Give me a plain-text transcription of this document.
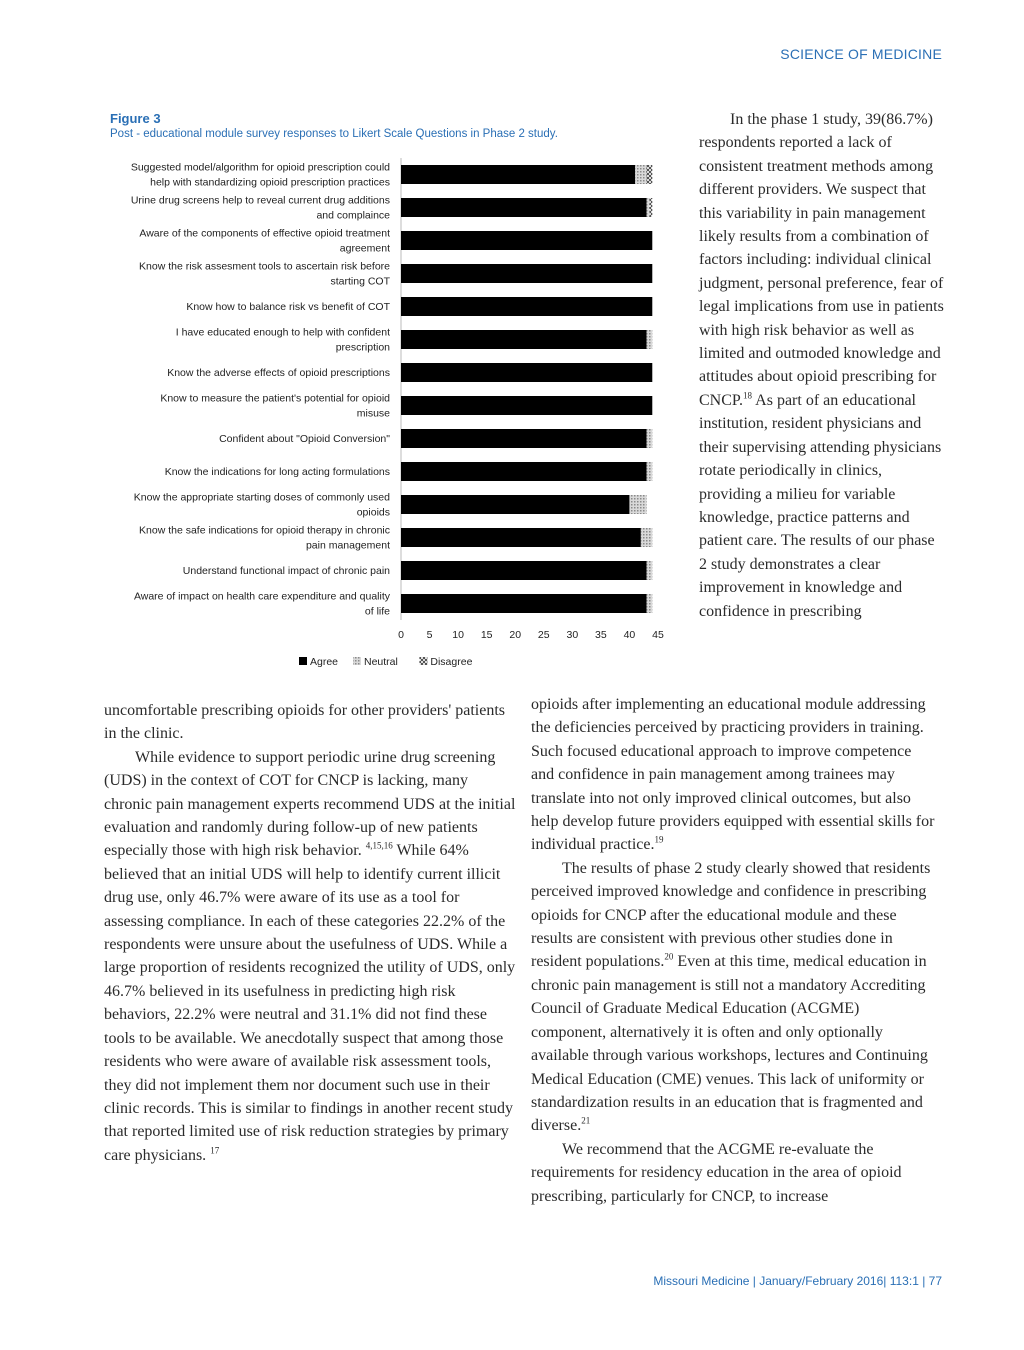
SCIENCE OF MEDICINE
Figure 3
Post - educational module survey responses to Likert Scale Questions in Phase 2 study.
Suggested model/algorithm for opioid prescription could
help with standardizing opioid prescription practices
Urine drug screens help to reveal current drug additions
and complaince
Aware of the components of effective opioid treatment
agreement
Know the risk assesment tools to ascertain risk before
starting COT
Know how to balance risk vs benefit of COT
I have educated enough to help with confident
prescription
Know the adverse effects of opioid prescriptions
Know to measure the patient's potential for opioid
misuse
Confident about "Opioid Conversion"
Know the indications for long acting formulations
Know the appropriate starting doses of commonly used
opioids
Know the safe indications for opioid therapy in chronic
pain management
Understand functional impact of chronic pain
Aware of impact on health care expenditure and quality
of life
0 5 10 15 20 25 30 35 40 45
Agree Neutral	Disagree

In the phase 1 study, 39(86.7%) respondents reported a lack of consistent treatment methods among different providers. We suspect that this variability in pain management likely results from a combination of factors including: individual clinical judgment, personal preference, fear of legal implications from use in patients with high risk behavior as well as limited and outmoded knowledge and attitudes about opioid prescribing for CNCP.$^{18}$ As part of an educational institution, resident physicians and their supervising attending physicians rotate periodically in clinics, providing a milieu for variable knowledge, practice patterns and patient care. The results of our phase 2 study demonstrates a clear improvement in knowledge and confidence in prescribing

uncomfortable prescribing opioids for other providers' patients in the clinic.

While evidence to support periodic urine drug screening (UDS) in the context of COT for CNCP is lacking, many chronic pain management experts recommend UDS at the initial evaluation and randomly during follow-up of new patients especially those with high risk behavior. $^{4,15,16}$ While 64% believed that an initial UDS will help to identify current illicit drug use, only 46.7% were aware of its use as a tool for assessing compliance. In each of these categories 22.2% of the respondents were unsure about the usefulness of UDS. While a large proportion of residents recognized the utility of UDS, only 46.7% believed in its usefulness in predicting high risk behaviors, 22.2% were neutral and 31.1% did not find these tools to be available. We anecdotally suspect that among those residents who were aware of available risk assessment tools, they did not implement them nor document such use in their clinic records. This is similar to findings in another recent study that reported limited use of risk reduction strategies by primary care physicians. $^{17}$

opioids after implementing an educational module addressing the deficiencies perceived by practicing providers in training. Such focused educational approach to improve competence and confidence in pain management among trainees may translate into not only improved clinical outcomes, but also help develop future providers equipped with essential skills for individual practice.$^{19}$

The results of phase 2 study clearly showed that residents perceived improved knowledge and confidence in prescribing opioids for CNCP after the educational module and these results are consistent with previous other studies done in resident populations.$^{20}$ Even at this time, medical education in chronic pain management is still not a mandatory Accrediting Council of Graduate Medical Education (ACGME) component, alternatively it is often and only optionally available through various workshops, lectures and Continuing Medical Education (CME) venues. This lack of uniformity or standardization results in an education that is fragmented and diverse.$^{21}$

We recommend that the ACGME re-evaluate the requirements for residency education in the area of opioid prescribing, particularly for CNCP, to increase

Missouri Medicine | January/February 2016| 113:1 | 77
